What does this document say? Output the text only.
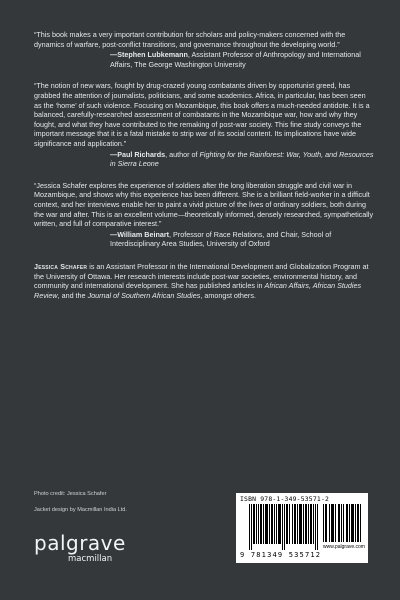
“This book makes a very important contribution for scholars and policy-makers concerned with the dynamics of warfare, post-conflict transitions, and governance throughout the developing world.”

—Stephen Lubkemann, Assistant Professor of Anthropology and International Affairs, The George Washington University

“The notion of new wars, fought by drug-crazed young combatants driven by opportunist greed, has grabbed the attention of journalists, politicians, and some academics. Africa, in particular, has been seen as the ‘home’ of such violence. Focusing on Mozambique, this book offers a much-needed antidote. It is a balanced, carefully-researched assessment of combatants in the Mozambique war, how and why they fought, and what they have contributed to the remaking of post-war society. This fine study conveys the important message that it is a fatal mistake to strip war of its social content. Its implications have wide significance and application.”

—Paul Richards, author of Fighting for the Rainforest: War, Youth, and Resources in Sierra Leone

“Jessica Schafer explores the experience of soldiers after the long liberation struggle and civil war in Mozambique, and shows why this experience has been different. She is a brilliant field-worker in a difficult context, and her interviews enable her to paint a vivid picture of the lives of ordinary soldiers, both during the war and after. This is an excellent volume—theoretically informed, densely researched, sympathetically written, and full of comparative interest.”

—William Beinart, Professor of Race Relations, and Chair, School of Interdisciplinary Area Studies, University of Oxford

Jessica Schafer is an Assistant Professor in the International Development and Globalization Program at the University of Ottawa. Her research interests include post-war societies, environmental history, and community and international development. She has published articles in African Affairs, African Studies Review, and the Journal of Southern African Studies, amongst others.

Photo credit: Jessica Schafer
Jacket design by Macmillan India Ltd.
palgrave
macmillan
ISBN 978-1-349-53571-2
9 781349 535712
www.palgrave.com
